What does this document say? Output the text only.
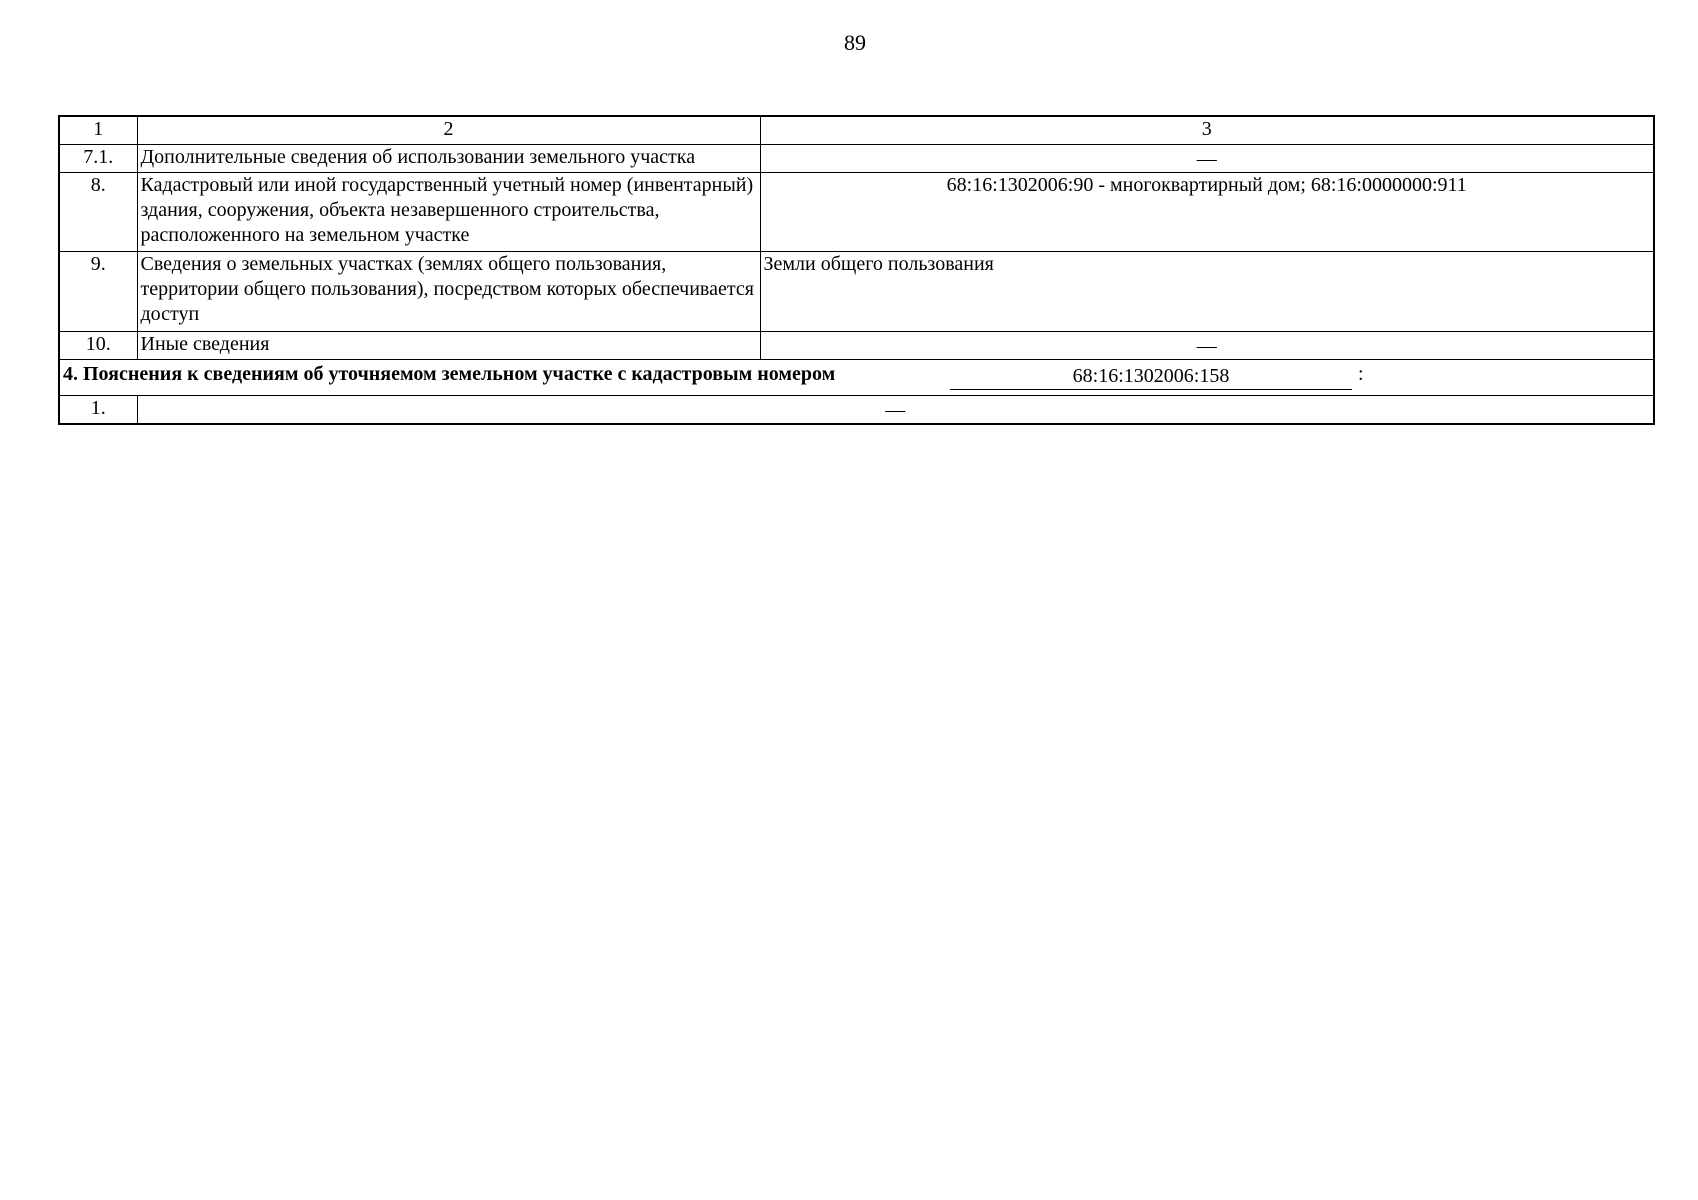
89
1	2	3
7.1.	Дополнительные сведения об использовании земельного участка	—
8.	Кадастровый или иной государственный учетный номер (инвентарный) здания, сооружения, объекта незавершенного строительства, расположенного на земельном участке	68:16:1302006:90 - многоквартирный дом; 68:16:0000000:911
9.	Сведения о земельных участках (землях общего пользования, территории общего пользования), посредством которых обеспечивается доступ	Земли общего пользования
10.	Иные сведения	—

4. Пояснения к сведениям об уточняемом земельном участке с кадастровым номером 68:16:1302006:158 :		

1.	—	
